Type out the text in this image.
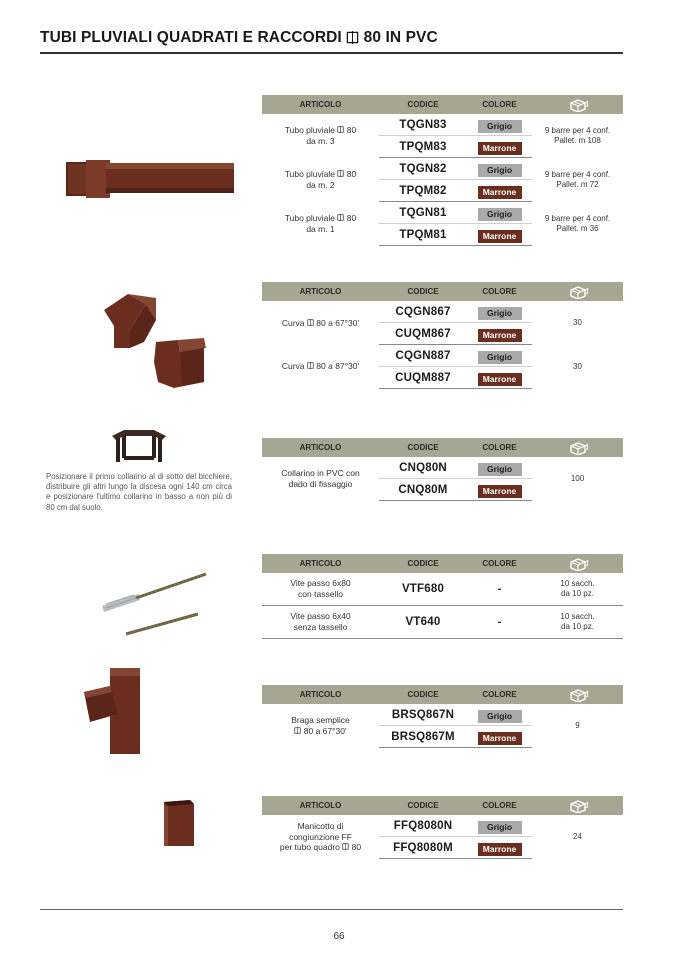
TUBI PLUVIALI QUADRATI E RACCORDI 80 IN PVC
Posizionare il primo collarino al di sotto del bicchiere, distribuire gli altri lungo la discesa ogni 140 cm circa e posizionare l'ultimo collarino in basso a non più di 80 cm dal suolo.
ARTICOLO	CODICE	COLORE	
Tubo pluviale 80
da m. 3	TQGN83	Grigio	9 barre per 4 conf.
Pallet. m 108
	TPQM83	Marrone	
Tubo pluviale 80
da m. 2	TQGN82	Grigio	9 barre per 4 conf.
Pallet. m 72
	TPQM82	Marrone	
Tubo pluviale 80
da m. 1	TQGN81	Grigio	9 barre per 4 conf.
Pallet. m 36
	TPQM81	Marrone	
ARTICOLO	CODICE	COLORE	
Curva 80 a 67°30'	CQGN867	Grigio	30
	CUQM867	Marrone	
Curva 80 a 87°30'	CQGN887	Grigio	30
	CUQM887	Marrone	
ARTICOLO	CODICE	COLORE	
Collarino in PVC con
dado di fissaggio	CNQ80N	Grigio	100
	CNQ80M	Marrone	
ARTICOLO	CODICE	COLORE	
Vite passo 6x80
con tassello	VTF680	-	10 sacch.
da 10 pz.
Vite passo 6x40
senza tassello	VT640	-	10 sacch.
da 10 pz.
ARTICOLO	CODICE	COLORE	
Braga semplice
80 a 67°30'	BRSQ867N	Grigio	9
	BRSQ867M	Marrone	
ARTICOLO	CODICE	COLORE	
Manicotto di
congiunzione FF
per tubo quadro 80	FFQ8080N	Grigio	24
	FFQ8080M	Marrone	
66
